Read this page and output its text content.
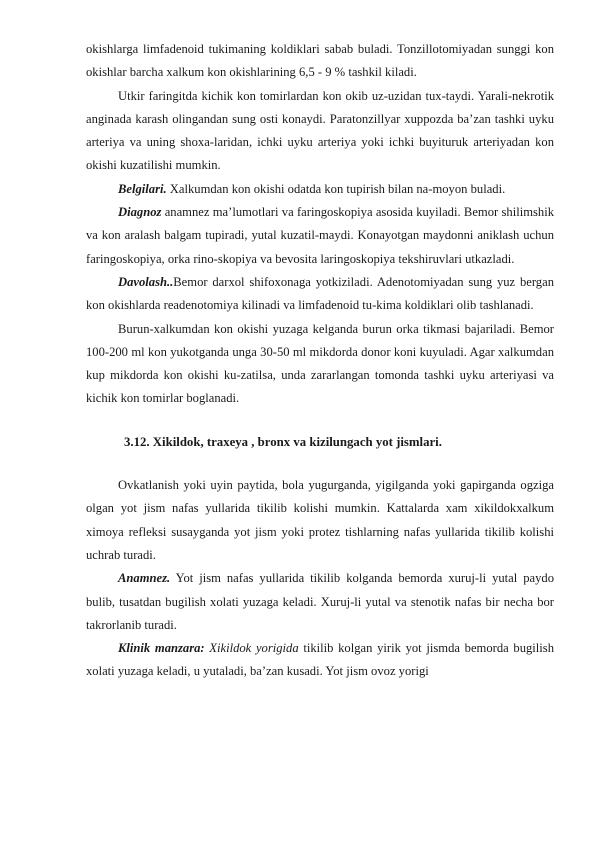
okishlarga limfadenoid tukimaning koldiklari sabab buladi. Tonzillotomiyadan sunggi kon okishlar barcha xalkum kon okishlarining 6,5 - 9 % tashkil kiladi.

Utkir faringitda kichik kon tomirlardan kon okib uz-uzidan tux-taydi. Yarali-nekrotik anginada karash olingandan sung osti konaydi. Paratonzillyar xuppozda ba’zan tashki uyku arteriya va uning shoxa-laridan, ichki uyku arteriya yoki ichki buyituruk arteriyadan kon okishi kuzatilishi mumkin.

Belgilari. Xalkumdan kon okishi odatda kon tupirish bilan na-moyon buladi.

Diagnoz anamnez ma’lumotlari va faringoskopiya asosida kuyiladi. Bemor shilimshik va kon aralash balgam tupiradi, yutal kuzatil-maydi. Konayotgan maydonni aniklash uchun faringoskopiya, orka rino-skopiya va bevosita laringoskopiya tekshiruvlari utkazladi.

Davolash..Bemor darxol shifoxonaga yotkiziladi. Adenotomiyadan sung yuz bergan kon okishlarda readenotomiya kilinadi va limfadenoid tu-kima koldiklari olib tashlanadi.

Burun-xalkumdan kon okishi yuzaga kelganda burun orka tikmasi bajariladi. Bemor 100-200 ml kon yukotganda unga 30-50 ml mikdorda donor koni kuyuladi. Agar xalkumdan kup mikdorda kon okishi ku-zatilsa, unda zararlangan tomonda tashki uyku arteriyasi va kichik kon tomirlar boglanadi.

3.12. Xikildok, traxeya , bronx va kizilungach yot jismlari.

Ovkatlanish yoki uyin paytida, bola yugurganda, yigilganda yoki gapirganda ogziga olgan yot jism nafas yullarida tikilib kolishi mumkin. Kattalarda xam xikildokxalkum ximoya refleksi susayganda yot jism yoki protez tishlarning nafas yullarida tikilib kolishi uchrab turadi.

Anamnez. Yot jism nafas yullarida tikilib kolganda bemorda xuruj-li yutal paydo bulib, tusatdan bugilish xolati yuzaga keladi. Xuruj-li yutal va stenotik nafas bir necha bor takrorlanib turadi.

Klinik manzara: Xikildok yorigida tikilib kolgan yirik yot jismda bemorda bugilish xolati yuzaga keladi, u yutaladi, ba’zan kusadi. Yot jism ovoz yorigi
